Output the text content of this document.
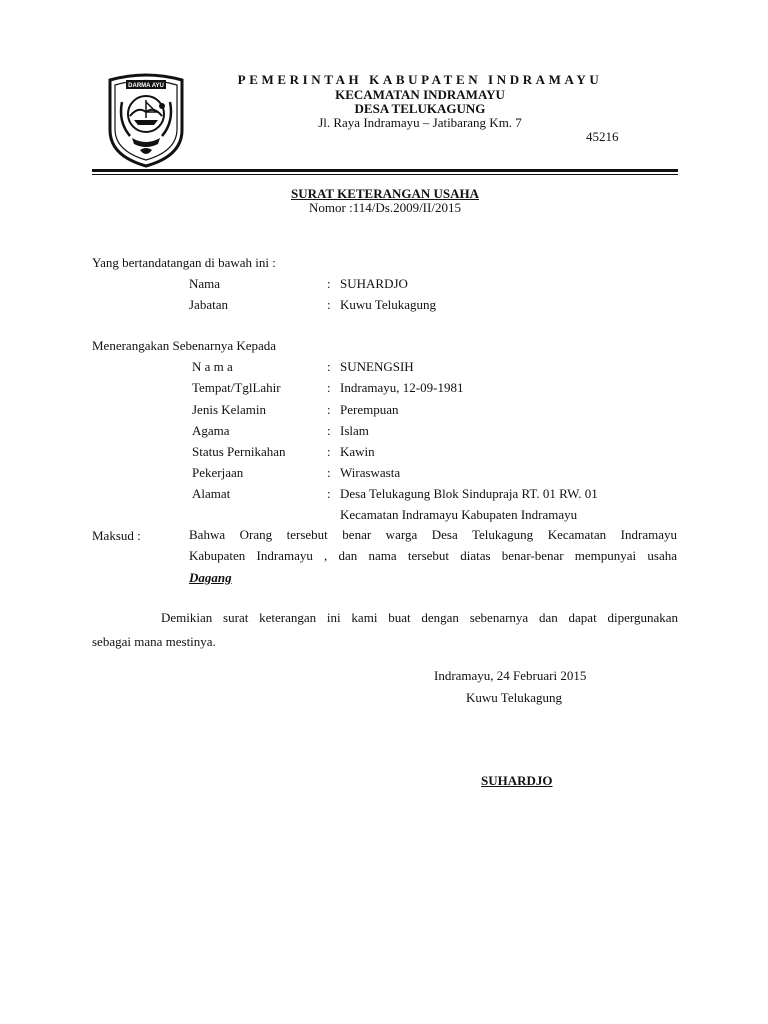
DARMA AYU	PEMERINTAH KABUPATEN INDRAMAYU
KECAMATAN INDRAMAYU
DESA TELUKAGUNG
Jl. Raya Indramayu – Jatibarang Km. 7
45216
SURAT KETERANGAN USAHA
Nomor :114/Ds.2009/II/2015
Yang bertandatangan di bawah ini :
Nama	: SUHARDJO
Jabatan	: Kuwu Telukagung
Menerangakan Sebenarnya Kepada
N a m a	: SUNENGSIH
Tempat/TglLahir	: Indramayu, 12-09-1981
Jenis Kelamin	: Perempuan
Agama	: Islam
Status Pernikahan	: Kawin
Pekerjaan	: Wiraswasta
Alamat	: Desa Telukagung Blok Sindupraja RT. 01 RW. 01
Kecamatan Indramayu Kabupaten Indramayu
Maksud :	Bahwa Orang tersebut benar warga Desa Telukagung Kecamatan Indramayu
Kabupaten Indramayu , dan nama tersebut diatas benar-benar mempunyai usaha
Dagang
Demikian surat keterangan ini kami buat dengan sebenarnya dan dapat dipergunakan
sebagai mana mestinya.
Indramayu, 24 Februari 2015
Kuwu Telukagung
SUHARDJO
